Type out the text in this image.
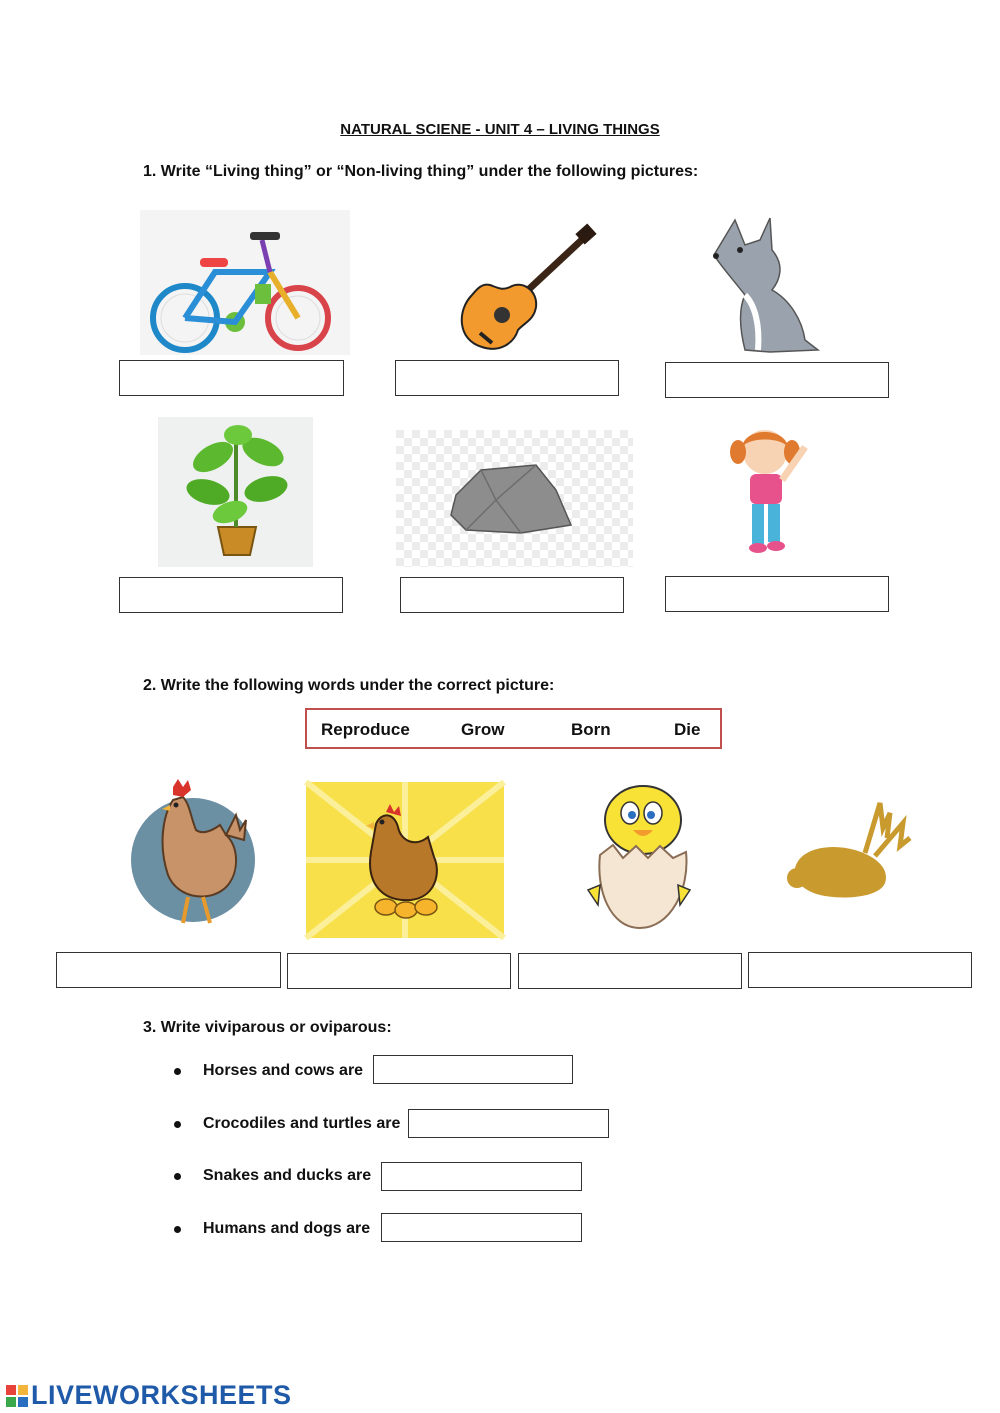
NATURAL SCIENE - UNIT 4 – LIVING THINGS
1. Write “Living thing” or “Non-living thing” under the following pictures:
2. Write the following words under the correct picture:
Reproduce	Grow	Born	Die
3. Write viviparous or oviparous:
Horses and cows are
Crocodiles and turtles are
Snakes and ducks are
Humans and dogs are
LIVEWORKSHEETS
